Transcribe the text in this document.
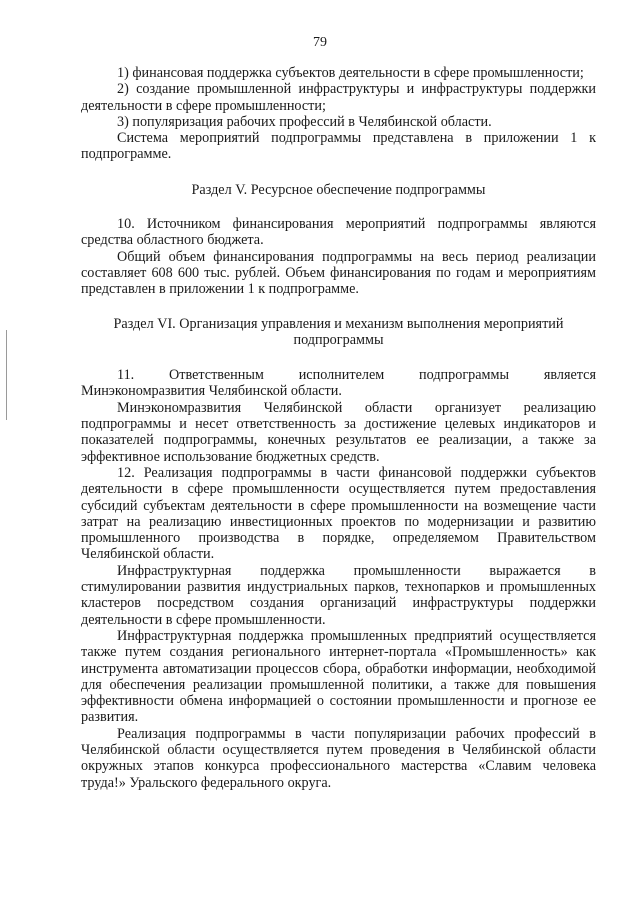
79

1) финансовая поддержка субъектов деятельности в сфере промышленности;

2) создание промышленной инфраструктуры и инфраструктуры поддержки деятельности в сфере промышленности;

3) популяризация рабочих профессий в Челябинской области.

Система мероприятий подпрограммы представлена в приложении 1 к подпрограмме.

Раздел V. Ресурсное обеспечение подпрограммы

10. Источником финансирования мероприятий подпрограммы являются средства областного бюджета.

Общий объем финансирования подпрограммы на весь период реализации составляет 608 600 тыс. рублей. Объем финансирования по годам и мероприятиям представлен в приложении 1 к подпрограмме.

Раздел VI. Организация управления и механизм выполнения мероприятий подпрограммы

11. Ответственным исполнителем подпрограммы является Минэкономразвития Челябинской области.

Минэкономразвития Челябинской области организует реализацию подпрограммы и несет ответственность за достижение целевых индикаторов и показателей подпрограммы, конечных результатов ее реализации, а также за эффективное использование бюджетных средств.

12. Реализация подпрограммы в части финансовой поддержки субъектов деятельности в сфере промышленности осуществляется путем предоставления субсидий субъектам деятельности в сфере промышленности на возмещение части затрат на реализацию инвестиционных проектов по модернизации и развитию промышленного производства в порядке, определяемом Правительством Челябинской области.

Инфраструктурная поддержка промышленности выражается в стимулировании развития индустриальных парков, технопарков и промышленных кластеров посредством создания организаций инфраструктуры поддержки деятельности в сфере промышленности.

Инфраструктурная поддержка промышленных предприятий осуществляется также путем создания регионального интернет-портала «Промышленность» как инструмента автоматизации процессов сбора, обработки информации, необходимой для обеспечения реализации промышленной политики, а также для повышения эффективности обмена информацией о состоянии промышленности и прогнозе ее развития.

Реализация подпрограммы в части популяризации рабочих профессий в Челябинской области осуществляется путем проведения в Челябинской области окружных этапов конкурса профессионального мастерства «Славим человека труда!» Уральского федерального округа.
